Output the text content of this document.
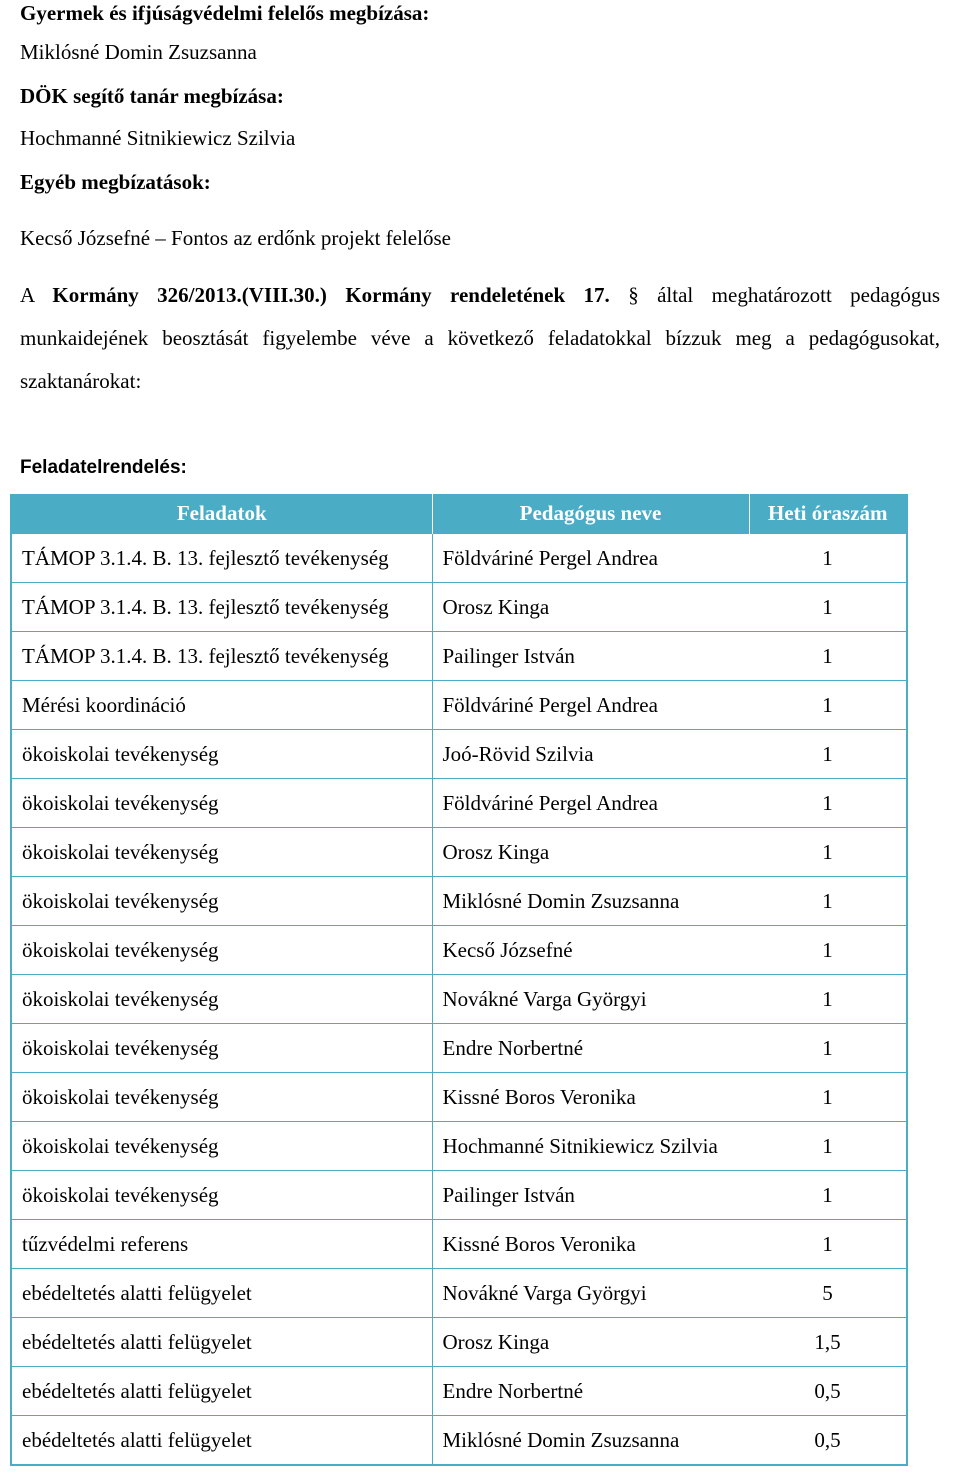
Gyermek és ifjúságvédelmi felelős megbízása:
Miklósné Domin Zsuzsanna
DÖK segítő tanár megbízása:
Hochmanné Sitnikiewicz Szilvia
Egyéb megbízatások:
Kecső Józsefné – Fontos az erdőnk projekt felelőse
A Kormány 326/2013.(VIII.30.) Kormány rendeletének 17. § által meghatározott pedagógus munkaidejének beosztását figyelembe véve a következő feladatokkal bízzuk meg a pedagógusokat, szaktanárokat:
Feladatelrendelés:
Feladatok	Pedagógus neve	Heti óraszám
TÁMOP 3.1.4. B. 13. fejlesztő tevékenység	Földváriné Pergel Andrea	1
TÁMOP 3.1.4. B. 13. fejlesztő tevékenység	Orosz Kinga	1
TÁMOP 3.1.4. B. 13. fejlesztő tevékenység	Pailinger István	1
Mérési koordináció	Földváriné Pergel Andrea	1
ökoiskolai tevékenység	Joó-Rövid Szilvia	1
ökoiskolai tevékenység	Földváriné Pergel Andrea	1
ökoiskolai tevékenység	Orosz Kinga	1
ökoiskolai tevékenység	Miklósné Domin Zsuzsanna	1
ökoiskolai tevékenység	Kecső Józsefné	1
ökoiskolai tevékenység	Novákné Varga Györgyi	1
ökoiskolai tevékenység	Endre Norbertné	1
ökoiskolai tevékenység	Kissné Boros Veronika	1
ökoiskolai tevékenység	Hochmanné Sitnikiewicz Szilvia	1
ökoiskolai tevékenység	Pailinger István	1
tűzvédelmi referens	Kissné Boros Veronika	1
ebédeltetés alatti felügyelet	Novákné Varga Györgyi	5
ebédeltetés alatti felügyelet	Orosz Kinga	1,5
ebédeltetés alatti felügyelet	Endre Norbertné	0,5
ebédeltetés alatti felügyelet	Miklósné Domin Zsuzsanna	0,5
